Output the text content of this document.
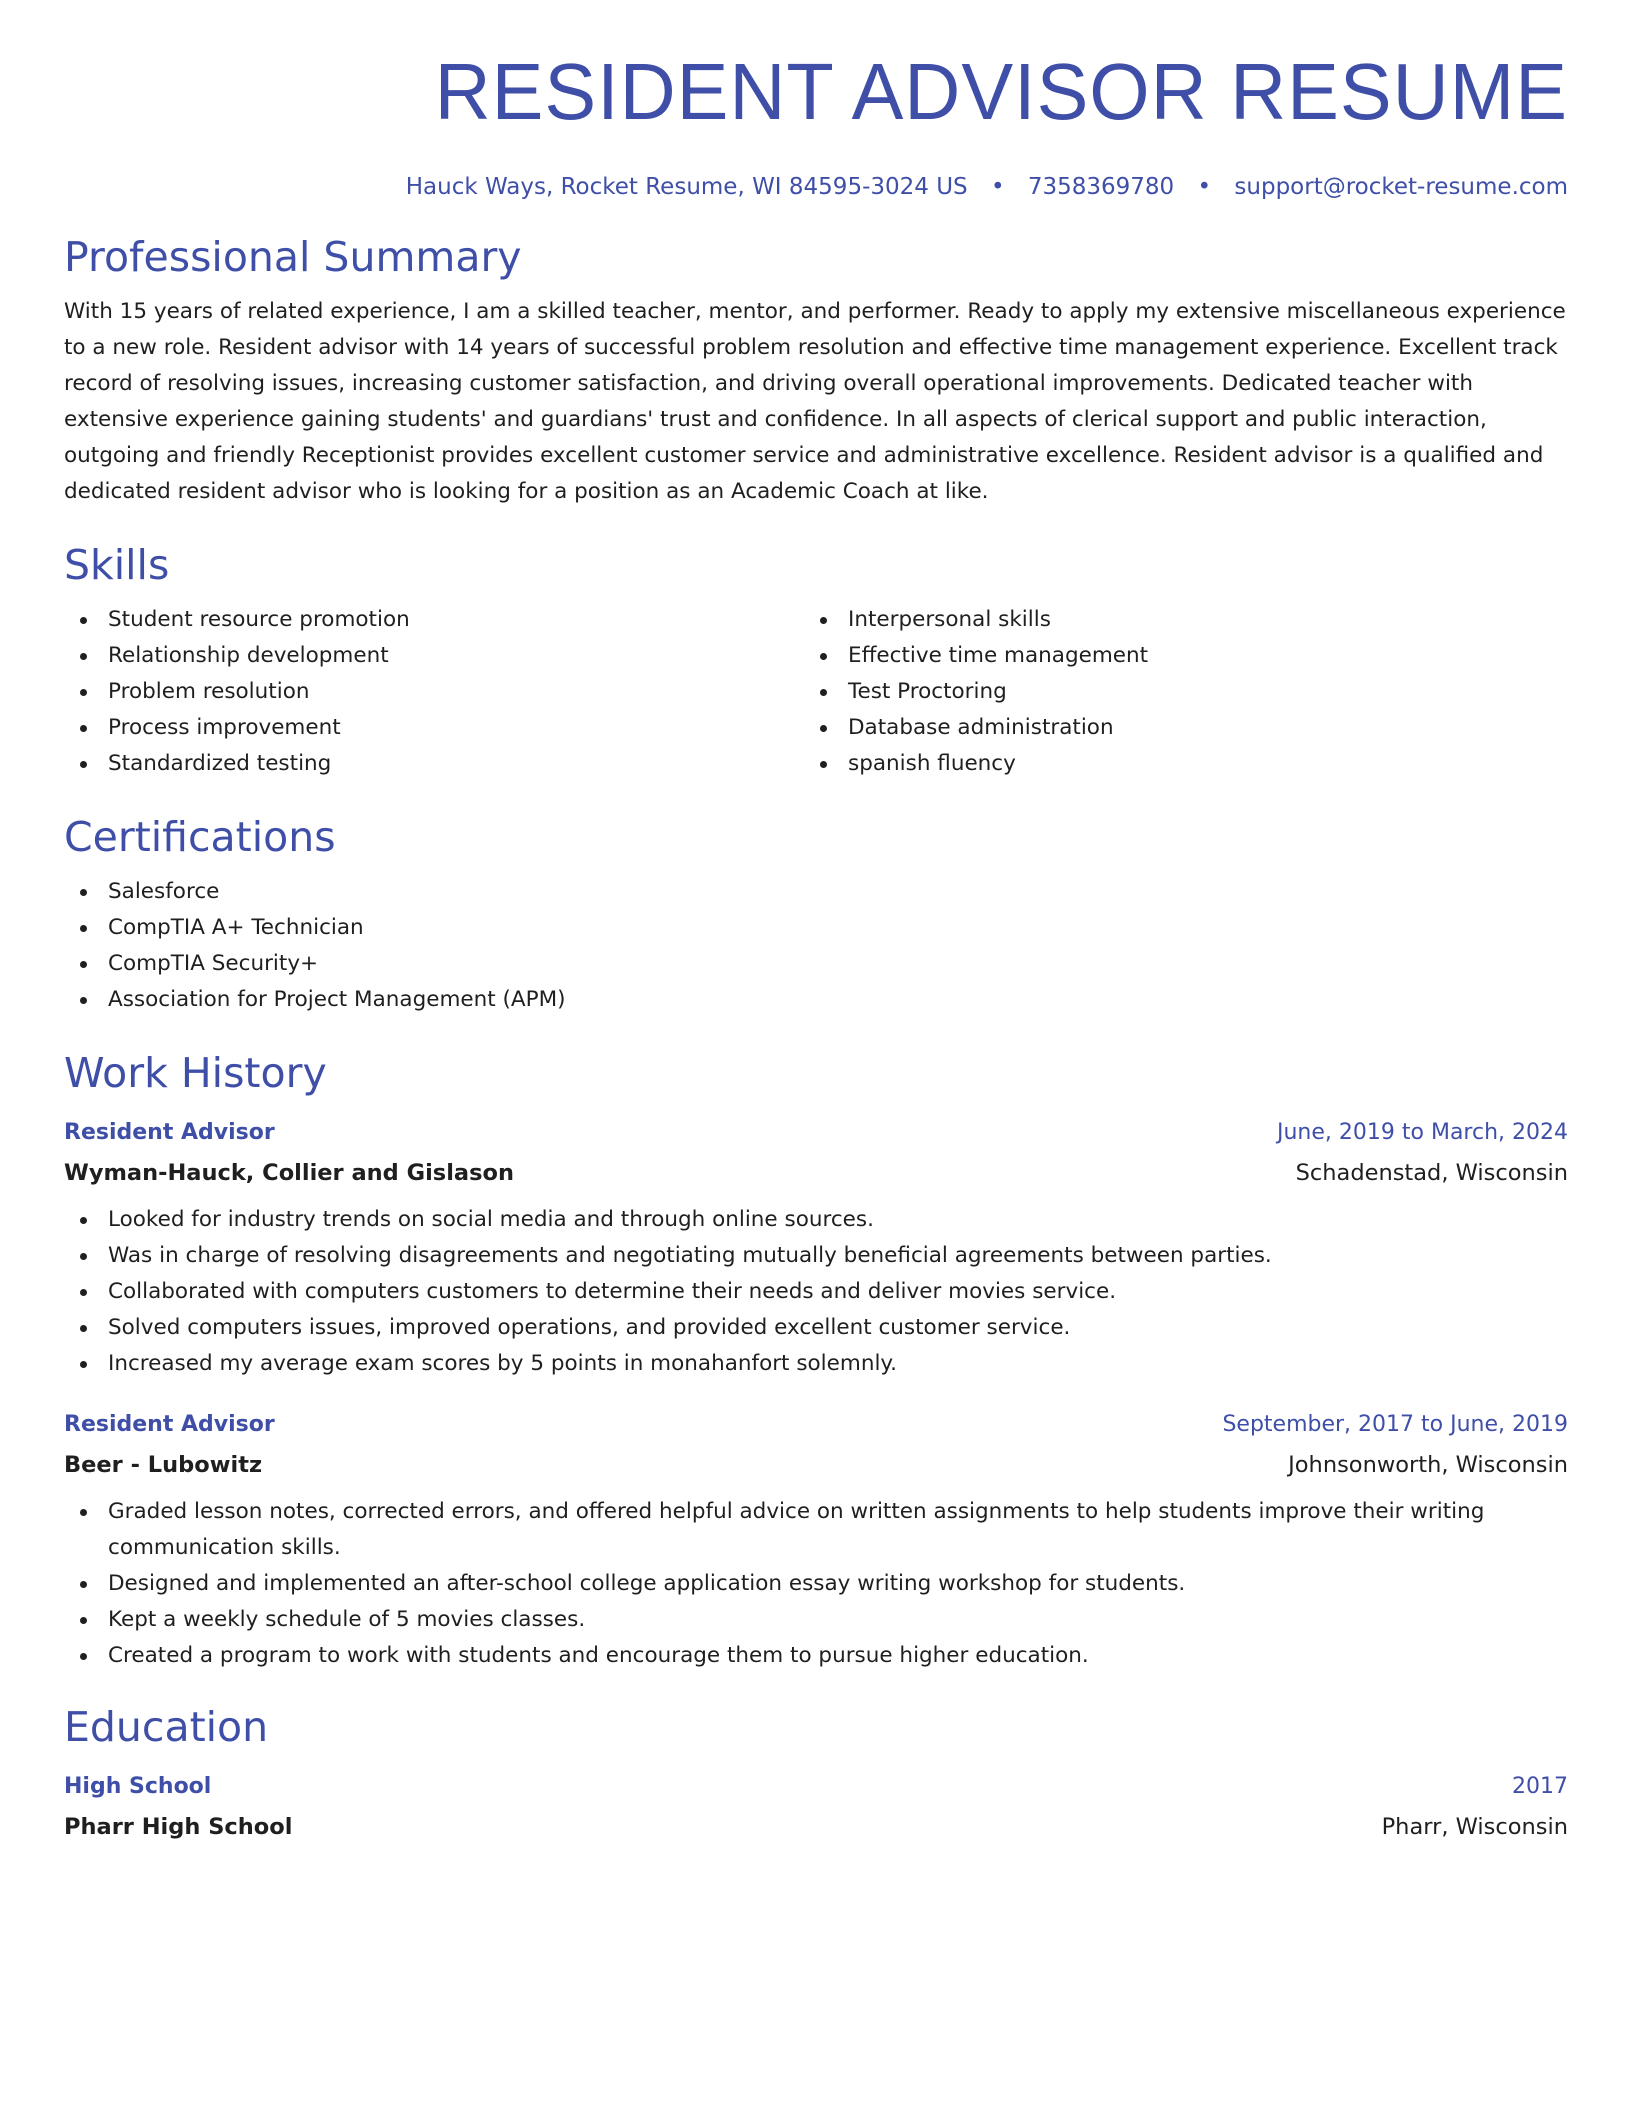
RESIDENT ADVISOR RESUME
Hauck Ways, Rocket Resume, WI 84595-3024 US • 7358369780 • support@rocket-resume.com
Professional Summary

With 15 years of related experience, I am a skilled teacher, mentor, and performer. Ready to apply my extensive miscellaneous experience to a new role. Resident advisor with 14 years of successful problem resolution and effective time management experience. Excellent track record of resolving issues, increasing customer satisfaction, and driving overall operational improvements. Dedicated teacher with extensive experience gaining students' and guardians' trust and confidence. In all aspects of clerical support and public interaction, outgoing and friendly Receptionist provides excellent customer service and administrative excellence. Resident advisor is a qualified and dedicated resident advisor who is looking for a position as an Academic Coach at like.

Skills
Student resource promotion
Relationship development
Problem resolution
Process improvement
Standardized testing
Interpersonal skills
Effective time management
Test Proctoring
Database administration
spanish fluency
Certifications
Salesforce
CompTIA A+ Technician
CompTIA Security+
Association for Project Management (APM)
Work History
Resident Advisor	June, 2019 to March, 2024
Wyman-Hauck, Collier and Gislason	Schadenstad, Wisconsin
Looked for industry trends on social media and through online sources.
Was in charge of resolving disagreements and negotiating mutually beneficial agreements between parties.
Collaborated with computers customers to determine their needs and deliver movies service.
Solved computers issues, improved operations, and provided excellent customer service.
Increased my average exam scores by 5 points in monahanfort solemnly.
Resident Advisor	September, 2017 to June, 2019
Beer - Lubowitz	Johnsonworth, Wisconsin
Graded lesson notes, corrected errors, and offered helpful advice on written assignments to help students improve their writing communication skills.
Designed and implemented an after-school college application essay writing workshop for students.
Kept a weekly schedule of 5 movies classes.
Created a program to work with students and encourage them to pursue higher education.
Education
High School	2017
Pharr High School	Pharr, Wisconsin
